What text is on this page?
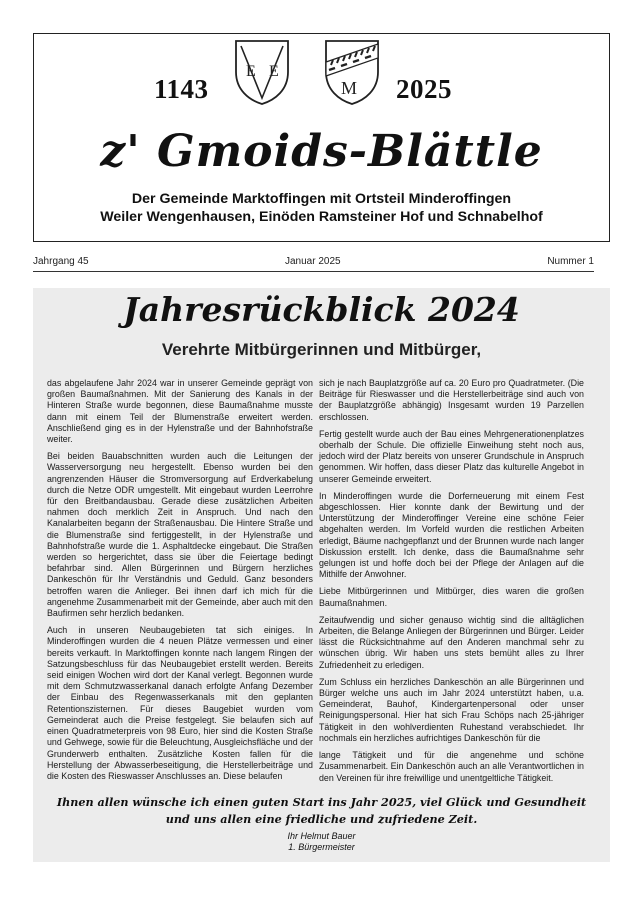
1143
E E
M 2025
z' Gmoids-Blättle
Der Gemeinde Marktoffingen mit Ortsteil Minderoffingen
Weiler Wengenhausen, Einöden Ramsteiner Hof und Schnabelhof
Jahrgang 45	Januar 2025	Nummer 1
Jahresrückblick 2024
Verehrte Mitbürgerinnen und Mitbürger,

das abgelaufene Jahr 2024 war in unserer Gemeinde geprägt von großen Baumaßnahmen. Mit der Sanierung des Kanals in der Hinteren Straße wurde begonnen, diese Baumaßnahme musste dann mit einem Teil der Blumenstraße erweitert werden. Anschließend ging es in der Hylenstraße und der Bahnhofstraße weiter.

Bei beiden Bauabschnitten wurden auch die Leitungen der Wasserversorgung neu hergestellt. Ebenso wurden bei den angrenzenden Häuser die Stromversorgung auf Erdverkabelung durch die Netze ODR umgestellt. Mit eingebaut wurden Leerrohre für den Breitbandausbau. Gerade diese zusätzlichen Arbeiten nahmen doch merklich Zeit in Anspruch. Und nach den Kanalarbeiten begann der Straßenausbau. Die Hintere Straße und die Blumenstraße sind fertiggestellt, in der Hylenstraße und Bahnhofstraße wurde die 1. Asphaltdecke eingebaut. Die Straßen werden so hergerichtet, dass sie über die Feiertage bedingt befahrbar sind. Allen Bürgerinnen und Bürgern herzliches Dankeschön für Ihr Verständnis und Geduld. Ganz besonders betroffen waren die Anlieger. Bei ihnen darf ich mich für die angenehme Zusammenarbeit mit der Gemeinde, aber auch mit den Baufirmen sehr herzlich bedanken.

Auch in unseren Neubaugebieten tat sich einiges. In Minderoffingen wurden die 4 neuen Plätze vermessen und einer bereits verkauft. In Marktoffingen konnte nach langem Ringen der Satzungsbeschluss für das Neubaugebiet erstellt werden. Bereits seid einigen Wochen wird dort der Kanal verlegt. Begonnen wurde mit dem Schmutzwasserkanal danach erfolgte Anfang Dezember der Einbau des Regenwasserkanals mit den geplanten Retentionszisternen. Für dieses Baugebiet wurden vom Gemeinderat auch die Preise festgelegt. Sie belaufen sich auf einen Quadratmeterpreis von 98 Euro, hier sind die Kosten Straße und Gehwege, sowie für die Beleuchtung, Ausgleichsfläche und der Grunderwerb enthalten. Zusätzliche Kosten fallen für die Herstellung der Abwasserbeseitigung, die Herstellerbeiträge und die Kosten des Rieswasser Anschlusses an. Diese belaufen

sich je nach Bauplatzgröße auf ca. 20 Euro pro Quadratmeter. (Die Beiträge für Rieswasser und die Herstellerbeiträge sind auch von der Bauplatzgröße abhängig) Insgesamt wurden 19 Parzellen erschlossen.

Fertig gestellt wurde auch der Bau eines Mehrgenerationenplatzes oberhalb der Schule. Die offizielle Einweihung steht noch aus, jedoch wird der Platz bereits von unserer Grundschule in Anspruch genommen. Wir hoffen, dass dieser Platz das kulturelle Angebot in unserer Gemeinde erweitert.

In Minderoffingen wurde die Dorferneuerung mit einem Fest abgeschlossen. Hier konnte dank der Bewirtung und der Unterstützung der Minderoffinger Vereine eine schöne Feier abgehalten werden. Im Vorfeld wurden die restlichen Arbeiten erledigt, Bäume nachgepflanzt und der Brunnen wurde nach langer Diskussion erstellt. Ich denke, dass die Baumaßnahme sehr gelungen ist und hoffe doch bei der Pflege der Anlagen auf die Mithilfe der Anwohner.

Liebe Mitbürgerinnen und Mitbürger, dies waren die großen Baumaßnahmen.

Zeitaufwendig und sicher genauso wichtig sind die alltäglichen Arbeiten, die Belange Anliegen der Bürgerinnen und Bürger. Leider lässt die Rücksichtnahme auf den Anderen manchmal sehr zu wünschen übrig. Wir haben uns stets bemüht alles zu Ihrer Zufriedenheit zu erledigen.

Zum Schluss ein herzliches Dankeschön an alle Bürgerinnen und Bürger welche uns auch im Jahr 2024 unterstützt haben, u.a. Gemeinderat, Bauhof, Kindergartenpersonal oder unser Reinigungspersonal. Hier hat sich Frau Schöps nach 25-jähriger Tätigkeit in den wohlverdienten Ruhestand verabschiedet. Ihr nochmals ein herzliches aufrichtiges Dankeschön für die

lange Tätigkeit und für die angenehme und schöne Zusammenarbeit. Ein Dankeschön auch an alle Verantwortlichen in den Vereinen für ihre freiwillige und unentgeltliche Tätigkeit.

Ihnen allen wünsche ich einen guten Start ins Jahr 2025, viel Glück und Gesundheit
und uns allen eine friedliche und zufriedene Zeit.
Ihr Helmut Bauer
1. Bürgermeister
